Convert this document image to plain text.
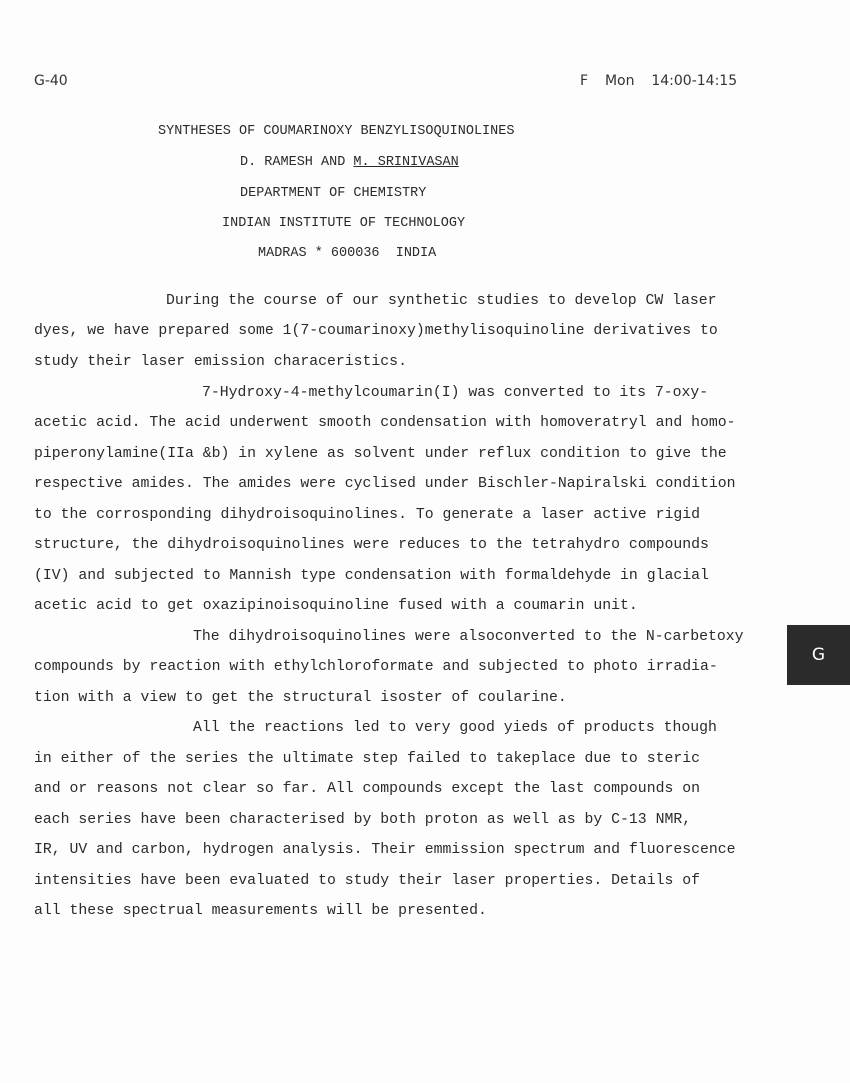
G-40	F  Mon  14:00-14:15
SYNTHESES OF COUMARINOXY BENZYLISOQUINOLINES
D. RAMESH AND M. SRINIVASAN
DEPARTMENT OF CHEMISTRY
INDIAN INSTITUTE OF TECHNOLOGY
MADRAS * 600036  INDIA
During the course of our synthetic studies to develop CW laser
dyes, we have prepared some 1(7-coumarinoxy)methylisoquinoline derivatives to
study their laser emission characeristics.
7-Hydroxy-4-methylcoumarin(I) was converted to its 7-oxy-
acetic acid. The acid underwent smooth condensation with homoveratryl and homo-
piperonylamine(IIa &b) in xylene as solvent under reflux condition to give the
respective amides. The amides were cyclised under Bischler-Napiralski condition
to the corrosponding dihydroisoquinolines. To generate a laser active rigid
structure, the dihydroisoquinolines were reduces to the tetrahydro compounds
(IV) and subjected to Mannish type condensation with formaldehyde in glacial
acetic acid to get oxazipinoisoquinoline fused with a coumarin unit.
The dihydroisoquinolines were alsoconverted to the N-carbetoxy
compounds by reaction with ethylchloroformate and subjected to photo irradia-
tion with a view to get the structural isoster of coularine.
All the reactions led to very good yieds of products though
in either of the series the ultimate step failed to takeplace due to steric
and or reasons not clear so far. All compounds except the last compounds on
each series have been characterised by both proton as well as by C-13 NMR,
IR, UV and carbon, hydrogen analysis. Their emmission spectrum and fluorescence
intensities have been evaluated to study their laser properties. Details of
all these spectrual measurements will be presented.
G
